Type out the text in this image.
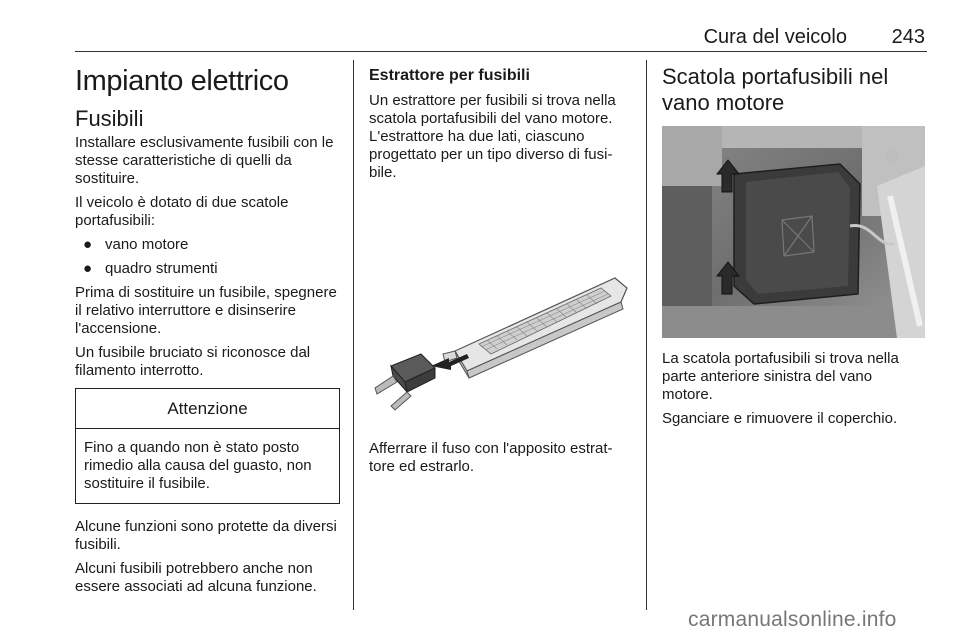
Cura del veicolo 243
Impianto elettrico
Fusibili

Installare esclusivamente fusibili con le stesse caratteristiche di quelli da sostituire.

Il veicolo è dotato di due scatole portafusibili:

● vano motore
● quadro strumenti

Prima di sostituire un fusibile, spegnere il relativo interruttore e disinserire l'accensione.

Un fusibile bruciato si riconosce dal filamento interrotto.

Attenzione
Fino a quando non è stato posto rimedio alla causa del guasto, non sostituire il fusibile.

Alcune funzioni sono protette da diversi fusibili.

Alcuni fusibili potrebbero anche non essere associati ad alcuna funzione.

Estrattore per fusibili

Un estrattore per fusibili si trova nella scatola portafusibili del vano motore. L'estrattore ha due lati, ciascuno progettato per un tipo diverso di fusi-bile.

Afferrare il fuso con l'apposito estrat-tore ed estrarlo.

Scatola portafusibili nel vano motore

La scatola portafusibili si trova nella parte anteriore sinistra del vano motore.

Sganciare e rimuovere il coperchio.

carmanualsonline.info
